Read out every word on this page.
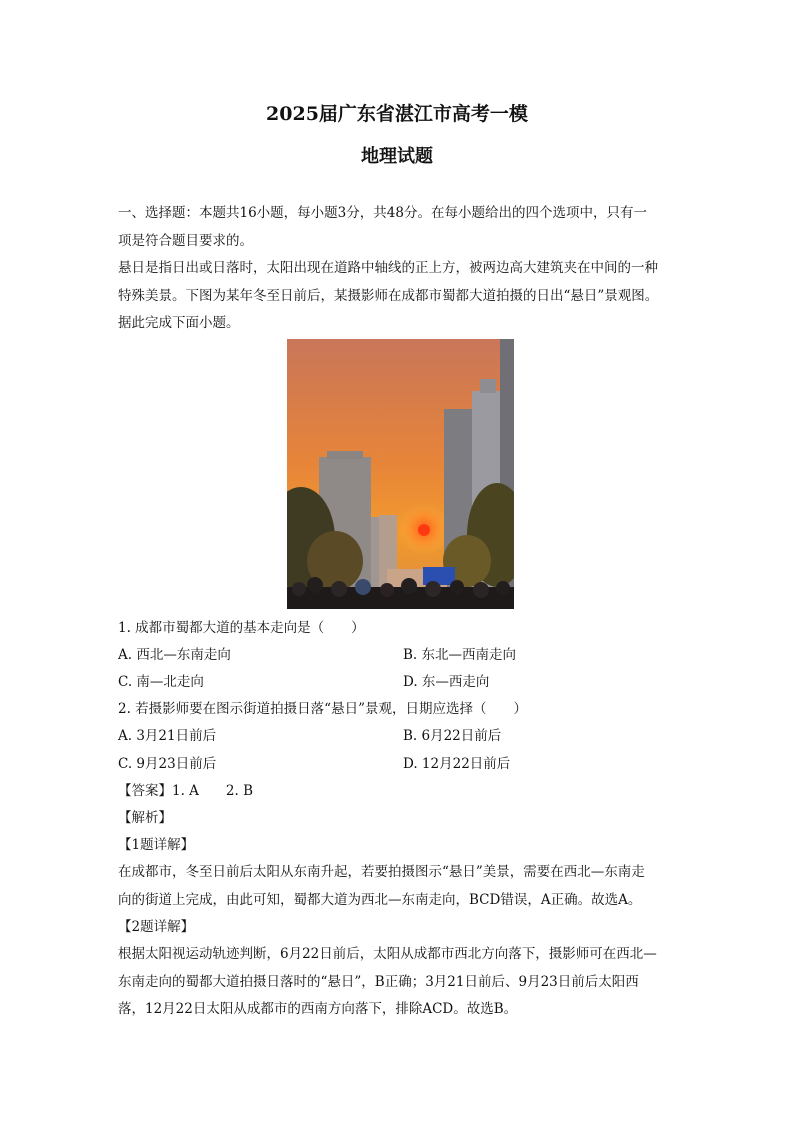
2025届广东省湛江市高考一模
地理试题
一、选择题：本题共16小题，每小题3分，共48分。在每小题给出的四个选项中，只有一
项是符合题目要求的。
悬日是指日出或日落时，太阳出现在道路中轴线的正上方，被两边高大建筑夹在中间的一种
特殊美景。下图为某年冬至日前后，某摄影师在成都市蜀都大道拍摄的日出“悬日”景观图。
据此完成下面小题。
1. 成都市蜀都大道的基本走向是（　　）
A. 西北—东南走向	B. 东北—西南走向
C. 南—北走向	D. 东—西走向
2. 若摄影师要在图示街道拍摄日落“悬日”景观，日期应选择（　　）
A. 3月21日前后	B. 6月22日前后
C. 9月23日前后	D. 12月22日前后
【答案】1. A　　2. B
【解析】
【1题详解】
在成都市，冬至日前后太阳从东南升起，若要拍摄图示“悬日”美景，需要在西北—东南走
向的街道上完成，由此可知，蜀都大道为西北—东南走向，BCD错误，A正确。故选A。
【2题详解】
根据太阳视运动轨迹判断，6月22日前后，太阳从成都市西北方向落下，摄影师可在西北—
东南走向的蜀都大道拍摄日落时的“悬日”，B正确；3月21日前后、9月23日前后太阳西
落，12月22日太阳从成都市的西南方向落下，排除ACD。故选B。
